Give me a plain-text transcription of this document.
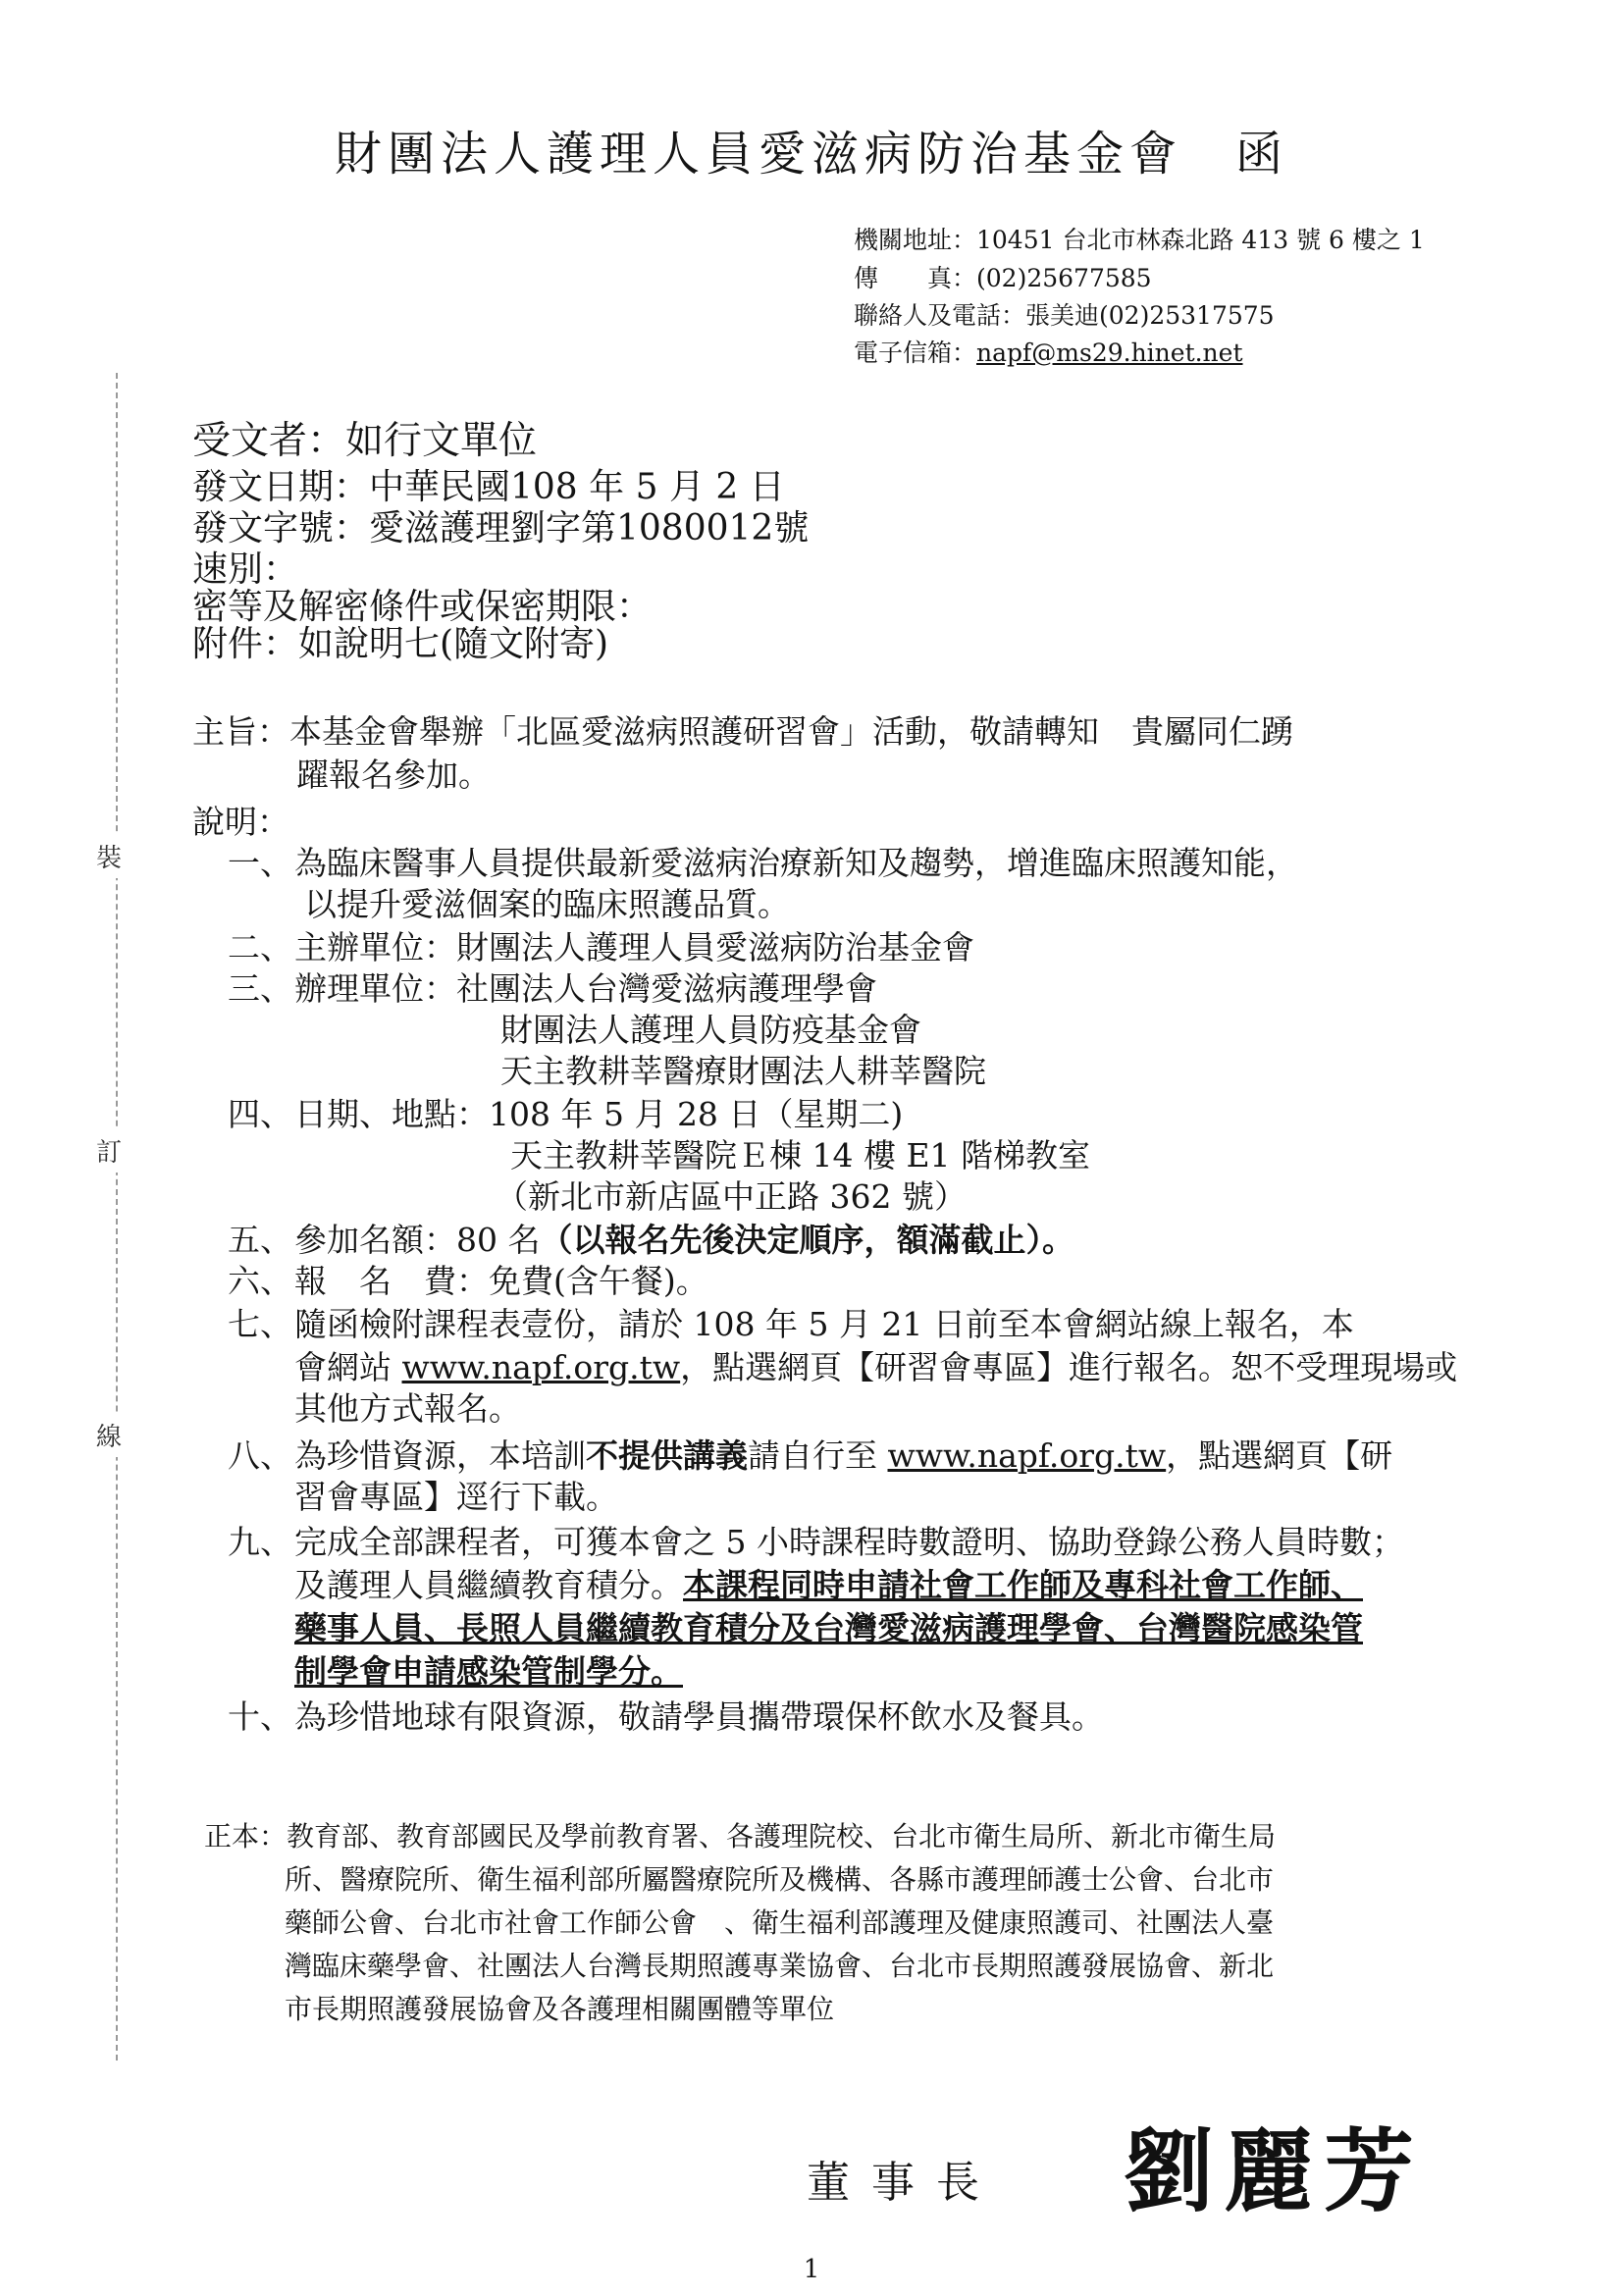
裝
訂
線
財團法人護理人員愛滋病防治基金會　函
機關地址：10451 台北市林森北路 413 號 6 樓之 1
傳　　真：(02)25677585
聯絡人及電話：張美迪(02)25317575
電子信箱：napf@ms29.hinet.net
受文者：如行文單位
發文日期：中華民國108 年 5 月 2 日
發文字號：愛滋護理劉字第1080012號
速別：
密等及解密條件或保密期限：
附件：如說明七(隨文附寄)
主旨：本基金會舉辦「北區愛滋病照護研習會」活動，敬請轉知　貴屬同仁踴
躍報名參加。
說明：
一、 為臨床醫事人員提供最新愛滋病治療新知及趨勢，增進臨床照護知能，
以提升愛滋個案的臨床照護品質。
二、 主辦單位：財團法人護理人員愛滋病防治基金會
三、 辦理單位：社團法人台灣愛滋病護理學會
財團法人護理人員防疫基金會
天主教耕莘醫療財團法人耕莘醫院
四、 日期、地點：108 年 5 月 28 日（星期二)
天主教耕莘醫院Ｅ棟 14 樓 E1 階梯教室
（新北市新店區中正路 362 號）
五、 參加名額：80 名（以報名先後決定順序，額滿截止）。
六、 報　名　費：免費(含午餐)。
七、 隨函檢附課程表壹份，請於 108 年 5 月 21 日前至本會網站線上報名，本
會網站 www.napf.org.tw，點選網頁【研習會專區】進行報名。恕不受理現場或
其他方式報名。
八、 為珍惜資源，本培訓不提供講義請自行至 www.napf.org.tw，點選網頁【研
習會專區】逕行下載。
九、 完成全部課程者，可獲本會之 5 小時課程時數證明、協助登錄公務人員時數；
及護理人員繼續教育積分。本課程同時申請社會工作師及專科社會工作師、
藥事人員、長照人員繼續教育積分及台灣愛滋病護理學會、台灣醫院感染管
制學會申請感染管制學分。
十、 為珍惜地球有限資源，敬請學員攜帶環保杯飲水及餐具。
正本：教育部、教育部國民及學前教育署、各護理院校、台北市衛生局所、新北市衛生局
所、醫療院所、衛生福利部所屬醫療院所及機構、各縣市護理師護士公會、台北市
藥師公會、台北市社會工作師公會　、衛生福利部護理及健康照護司、社團法人臺
灣臨床藥學會、社團法人台灣長期照護專業協會、台北市長期照護發展協會、新北
市長期照護發展協會及各護理相關團體等單位
董事長 劉麗芳
1
